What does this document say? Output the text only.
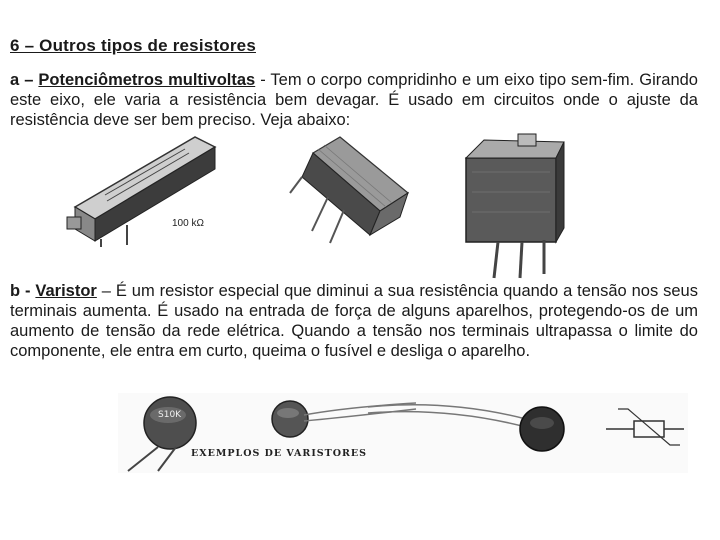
6 – Outros tipos de resistores
a – Potenciômetros multivoltas - Tem o corpo compridinho e um eixo tipo sem-fim. Girando este eixo, ele varia a resistência bem devagar. É usado em circuitos onde o ajuste da resistência deve ser bem preciso. Veja abaixo:
100 kΩ
b - Varistor – É um resistor especial que diminui a sua resistência quando a tensão nos seus terminais aumenta. É usado na entrada de força de alguns aparelhos, protegendo-os de um aumento de tensão da rede elétrica. Quando a tensão nos terminais ultrapassa o limite do componente, ele entra em curto, queima o fusível e desliga o aparelho.
S10K
EXEMPLOS DE VARISTORES
